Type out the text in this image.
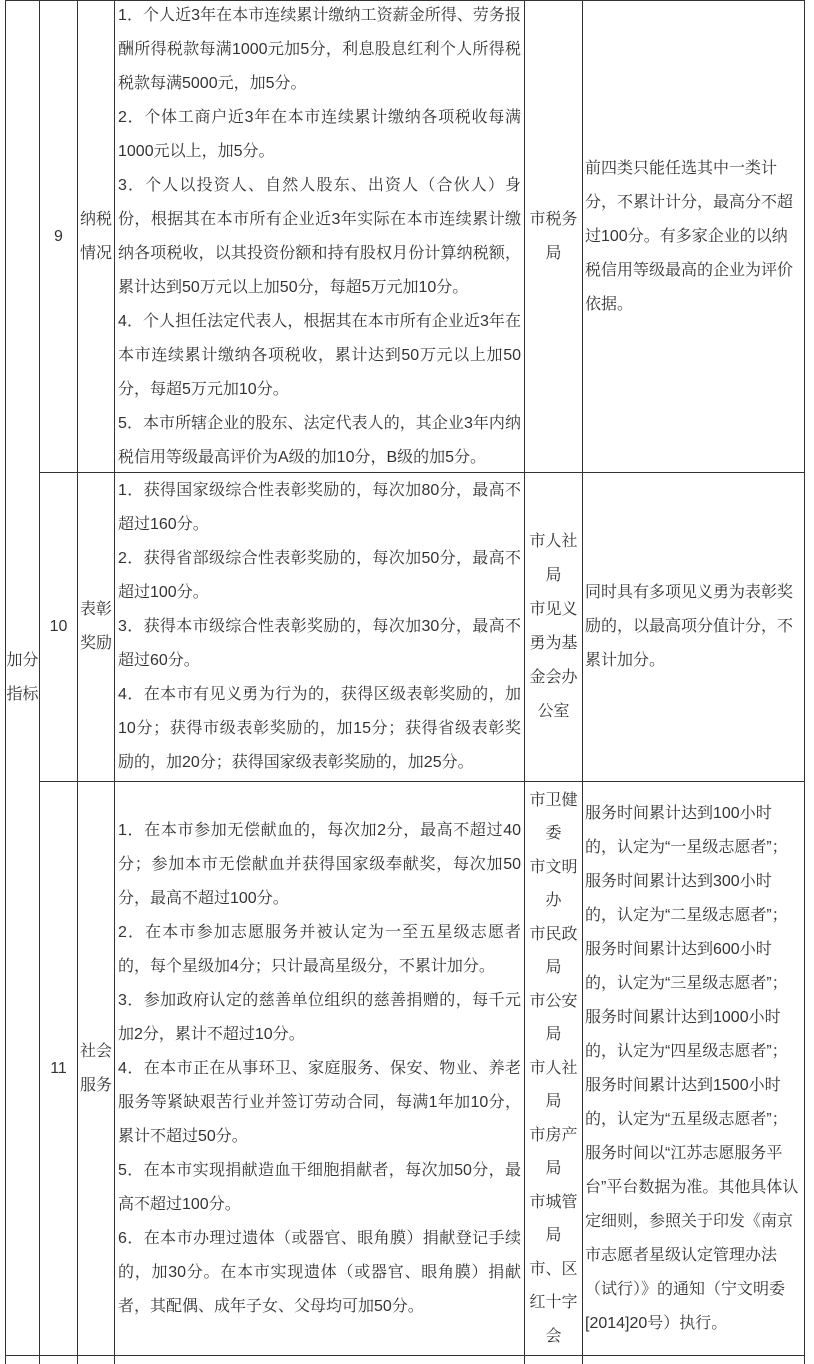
加分指标
9
纳税情况

1．个人近3年在本市连续累计缴纳工资薪金所得、劳务报酬所得税款每满1000元加5分，利息股息红利个人所得税税款每满5000元，加5分。

2．个体工商户近3年在本市连续累计缴纳各项税收每满1000元以上，加5分。

3．个人以投资人、自然人股东、出资人（合伙人）身份，根据其在本市所有企业近3年实际在本市连续累计缴纳各项税收，以其投资份额和持有股权月份计算纳税额，累计达到50万元以上加50分，每超5万元加10分。

4．个人担任法定代表人，根据其在本市所有企业近3年在本市连续累计缴纳各项税收，累计达到50万元以上加50分，每超5万元加10分。

5．本市所辖企业的股东、法定代表人的，其企业3年内纳税信用等级最高评价为A级的加10分，B级的加5分。

市税务局

前四类只能任选其中一类计分，不累计计分，最高分不超过100分。有多家企业的以纳税信用等级最高的企业为评价依据。

10
表彰奖励

1．获得国家级综合性表彰奖励的，每次加80分，最高不超过160分。

2．获得省部级综合性表彰奖励的，每次加50分，最高不超过100分。

3．获得本市级综合性表彰奖励的，每次加30分，最高不超过60分。

4．在本市有见义勇为行为的，获得区级表彰奖励的，加10分；获得市级表彰奖励的，加15分；获得省级表彰奖励的，加20分；获得国家级表彰奖励的，加25分。

市人社局
市见义勇为基金会办公室

同时具有多项见义勇为表彰奖励的，以最高项分值计分，不累计加分。

11
社会服务

1．在本市参加无偿献血的，每次加2分，最高不超过40分；参加本市无偿献血并获得国家级奉献奖，每次加50分，最高不超过100分。

2．在本市参加志愿服务并被认定为一至五星级志愿者的，每个星级加4分；只计最高星级分，不累计加分。

3．参加政府认定的慈善单位组织的慈善捐赠的，每千元加2分，累计不超过10分。

4．在本市正在从事环卫、家庭服务、保安、物业、养老服务等紧缺艰苦行业并签订劳动合同，每满1年加10分，累计不超过50分。

5．在本市实现捐献造血干细胞捐献者，每次加50分，最高不超过100分。

6．在本市办理过遗体（或器官、眼角膜）捐献登记手续的，加30分。在本市实现遗体（或器官、眼角膜）捐献者，其配偶、成年子女、父母均可加50分。

市卫健委
市文明办
市民政局
市公安局
市人社局
市房产局
市城管局
市、区红十字会

服务时间累计达到100小时的，认定为“一星级志愿者”；服务时间累计达到300小时的，认定为“二星级志愿者”；服务时间累计达到600小时的，认定为“三星级志愿者”；服务时间累计达到1000小时的，认定为“四星级志愿者”；服务时间累计达到1500小时的，认定为“五星级志愿者”；服务时间以“江苏志愿服务平台”平台数据为准。其他具体认定细则，参照关于印发《南京市志愿者星级认定管理办法（试行）》的通知（宁文明委[2014]20号）执行。
